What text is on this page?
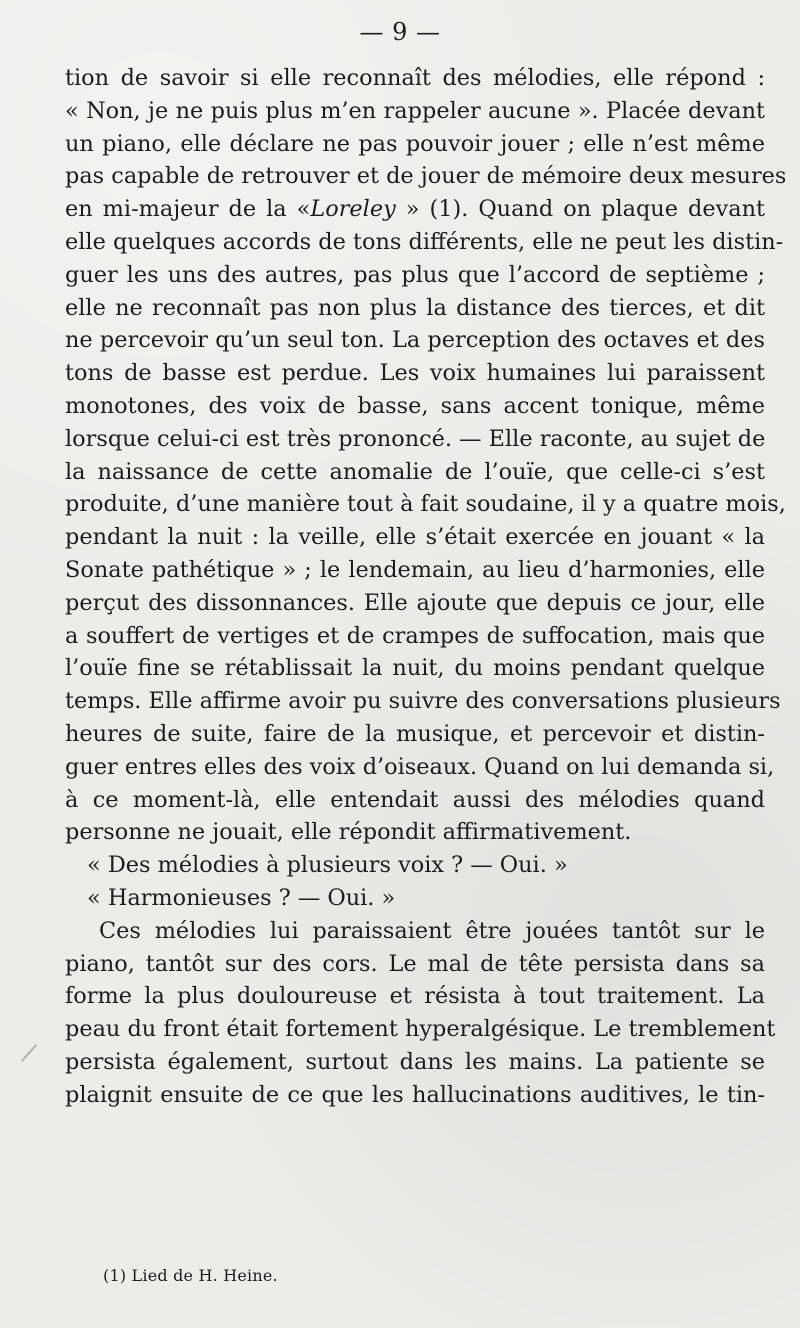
— 9 —
tion de savoir si elle reconnaît des mélodies, elle répond :
« Non, je ne puis plus m’en rappeler aucune ». Placée devant
un piano, elle déclare ne pas pouvoir jouer ; elle n’est même
pas capable de retrouver et de jouer de mémoire deux mesures
en mi-majeur de la «Loreley » (1). Quand on plaque devant
elle quelques accords de tons différents, elle ne peut les distin-
guer les uns des autres, pas plus que l’accord de septième ;
elle ne reconnaît pas non plus la distance des tierces, et dit
ne percevoir qu’un seul ton. La perception des octaves et des
tons de basse est perdue. Les voix humaines lui paraissent
monotones, des voix de basse, sans accent tonique, même
lorsque celui-ci est très prononcé. — Elle raconte, au sujet de
la naissance de cette anomalie de l’ouïe, que celle-ci s’est
produite, d’une manière tout à fait soudaine, il y a quatre mois,
pendant la nuit : la veille, elle s’était exercée en jouant « la
Sonate pathétique » ; le lendemain, au lieu d’harmonies, elle
perçut des dissonnances. Elle ajoute que depuis ce jour, elle
a souffert de vertiges et de crampes de suffocation, mais que
l’ouïe fine se rétablissait la nuit, du moins pendant quelque
temps. Elle affirme avoir pu suivre des conversations plusieurs
heures de suite, faire de la musique, et percevoir et distin-
guer entres elles des voix d’oiseaux. Quand on lui demanda si,
à ce moment-là, elle entendait aussi des mélodies quand
personne ne jouait, elle répondit affirmativement.
« Des mélodies à plusieurs voix ? — Oui. »
« Harmonieuses ? — Oui. »
Ces mélodies lui paraissaient être jouées tantôt sur le
piano, tantôt sur des cors. Le mal de tête persista dans sa
forme la plus douloureuse et résista à tout traitement. La
peau du front était fortement hyperalgésique. Le tremblement
persista également, surtout dans les mains. La patiente se
plaignit ensuite de ce que les hallucinations auditives, le tin-
(1) Lied de H. Heine.
